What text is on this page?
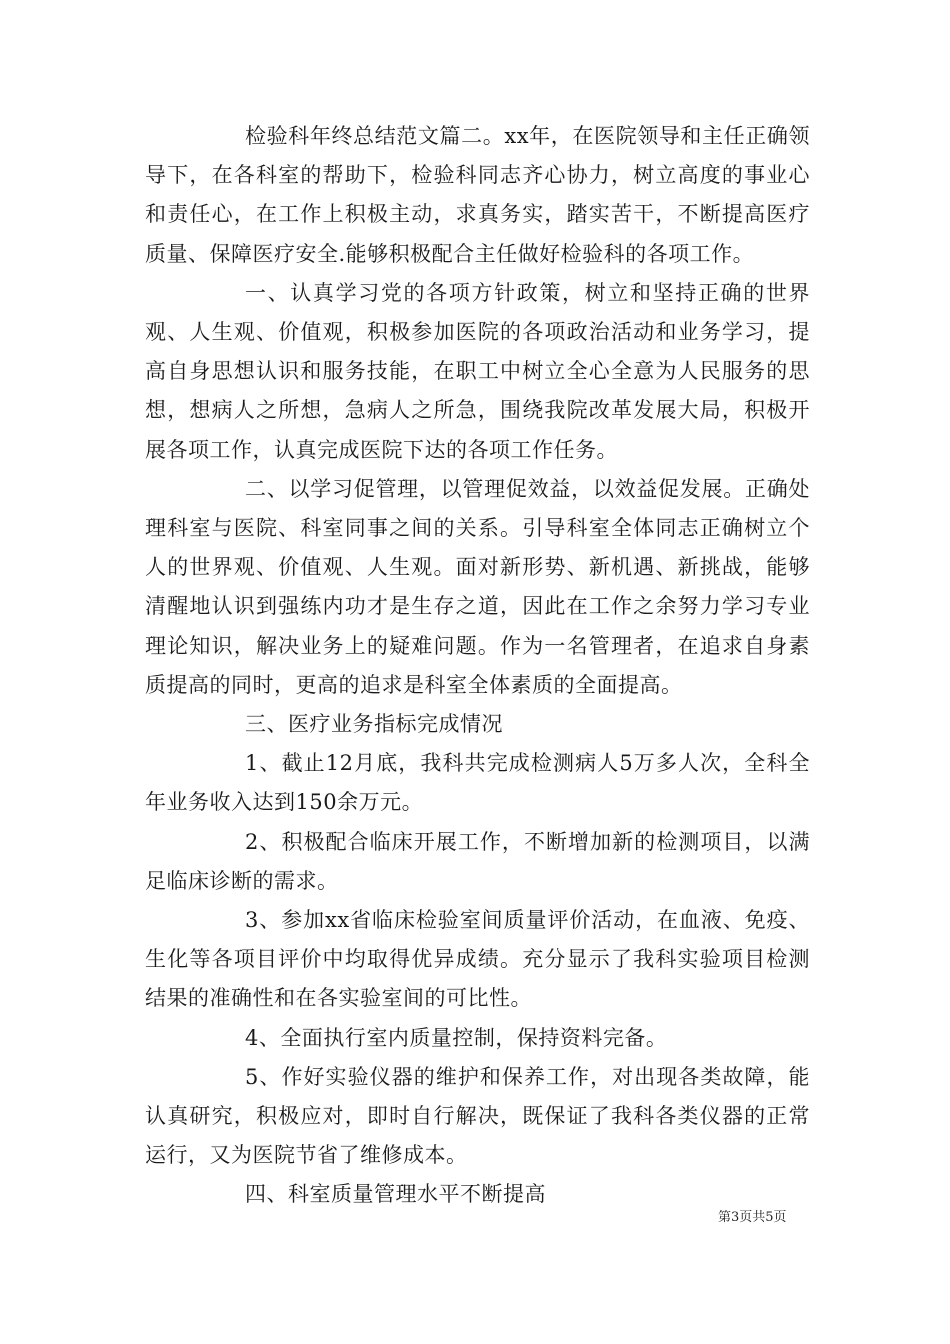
检验科年终总结范文篇二。xx年，在医院领导和主任正确领导下，在各科室的帮助下，检验科同志齐心协力，树立高度的事业心和责任心，在工作上积极主动，求真务实，踏实苦干，不断提高医疗质量、保障医疗安全.能够积极配合主任做好检验科的各项工作。

一、认真学习党的各项方针政策，树立和坚持正确的世界观、人生观、价值观，积极参加医院的各项政治活动和业务学习，提高自身思想认识和服务技能，在职工中树立全心全意为人民服务的思想，想病人之所想，急病人之所急，围绕我院改革发展大局，积极开展各项工作，认真完成医院下达的各项工作任务。

二、以学习促管理，以管理促效益，以效益促发展。正确处理科室与医院、科室同事之间的关系。引导科室全体同志正确树立个人的世界观、价值观、人生观。面对新形势、新机遇、新挑战，能够清醒地认识到强练内功才是生存之道，因此在工作之余努力学习专业理论知识，解决业务上的疑难问题。作为一名管理者，在追求自身素质提高的同时，更高的追求是科室全体素质的全面提高。

三、医疗业务指标完成情况

1、截止12月底，我科共完成检测病人5万多人次，全科全年业务收入达到150余万元。

2、积极配合临床开展工作，不断增加新的检测项目，以满足临床诊断的需求。

3、参加xx省临床检验室间质量评价活动，在血液、免疫、生化等各项目评价中均取得优异成绩。充分显示了我科实验项目检测结果的准确性和在各实验室间的可比性。

4、全面执行室内质量控制，保持资料完备。

5、作好实验仪器的维护和保养工作，对出现各类故障，能认真研究，积极应对，即时自行解决，既保证了我科各类仪器的正常运行，又为医院节省了维修成本。

四、科室质量管理水平不断提高

第3页共5页
